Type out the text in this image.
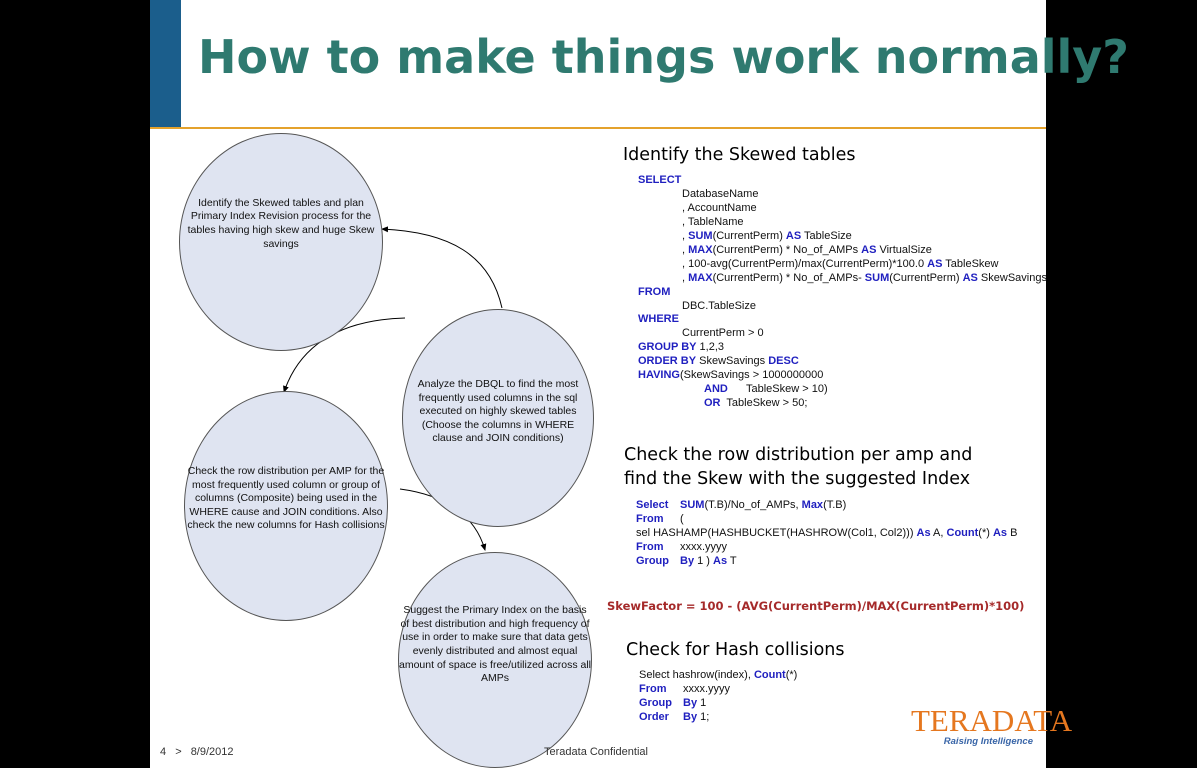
How to make things work normally?
Identify the Skewed tables and plan Primary Index Revision process for the tables having high skew and huge Skew savings
Analyze the DBQL to find the most frequently used columns in the sql executed on highly skewed tables (Choose the columns in WHERE clause and JOIN conditions)
Check the row distribution per AMP for the most frequently used column or group of columns (Composite) being used in the WHERE cause and JOIN conditions. Also check the new columns for Hash collisions
Suggest the Primary Index on the basis of best distribution and high frequency of use in order to make sure that data gets evenly distributed and almost equal amount of space is free/utilized across all AMPs
Identify the Skewed tables
SELECT
DatabaseName
, AccountName
, TableName
, SUM(CurrentPerm) AS TableSize
, MAX(CurrentPerm) * No_of_AMPs AS VirtualSize
, 100-avg(CurrentPerm)/max(CurrentPerm)*100.0 AS TableSkew
, MAX(CurrentPerm) * No_of_AMPs- SUM(CurrentPerm) AS SkewSavings
FROM
DBC.TableSize
WHERE
CurrentPerm > 0
GROUP BY 1,2,3
ORDER BY SkewSavings DESC
HAVING(SkewSavings > 1000000000
AND      TableSkew > 10)
OR  TableSkew > 50;
Check the row distribution per amp and
find the Skew with the suggested Index
Select SUM(T.B)/No_of_AMPs, Max(T.B)
From (
sel HASHAMP(HASHBUCKET(HASHROW(Col1, Col2))) As A, Count(*) As B
From xxxx.yyyy
Group By 1 ) As T
SkewFactor = 100 - (AVG(CurrentPerm)/MAX(CurrentPerm)*100)
Check for Hash collisions
Select hashrow(index), Count(*)
From xxxx.yyyy
Group By 1
Order By 1;
4 > 8/9/2012	Teradata Confidential
TERADATA
Raising Intelligence
